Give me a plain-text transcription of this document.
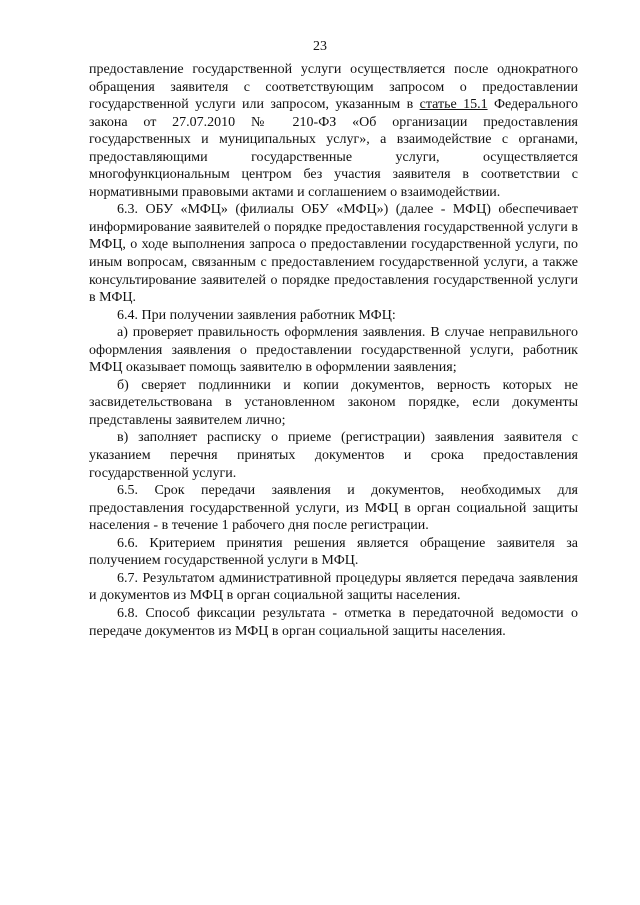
23

предоставление государственной услуги осуществляется после однократного обращения заявителя с соответствующим запросом о предоставлении государственной услуги или запросом, указанным в статье 15.1 Федерального закона от 27.07.2010 № 210-ФЗ «Об организации предоставления государственных и муниципальных услуг», а взаимодействие с органами, предоставляющими государственные услуги, осуществляется многофункциональным центром без участия заявителя в соответствии с нормативными правовыми актами и соглашением о взаимодействии.

6.3. ОБУ «МФЦ» (филиалы ОБУ «МФЦ») (далее - МФЦ) обеспечивает информирование заявителей о порядке предоставления государственной услуги в МФЦ, о ходе выполнения запроса о предоставлении государственной услуги, по иным вопросам, связанным с предоставлением государственной услуги, а также консультирование заявителей о порядке предоставления государственной услуги в МФЦ.

6.4. При получении заявления работник МФЦ:

а) проверяет правильность оформления заявления. В случае неправильного оформления заявления о предоставлении государственной услуги, работник МФЦ оказывает помощь заявителю в оформлении заявления;

б) сверяет подлинники и копии документов, верность которых не засвидетельствована в установленном законом порядке, если документы представлены заявителем лично;

в) заполняет расписку о приеме (регистрации) заявления заявителя с указанием перечня принятых документов и срока предоставления государственной услуги.

6.5. Срок передачи заявления и документов, необходимых для предоставления государственной услуги, из МФЦ в орган социальной защиты населения - в течение 1 рабочего дня после регистрации.

6.6. Критерием принятия решения является обращение заявителя за получением государственной услуги в МФЦ.

6.7. Результатом административной процедуры является передача заявления и документов из МФЦ в орган социальной защиты населения.

6.8. Способ фиксации результата - отметка в передаточной ведомости о передаче документов из МФЦ в орган социальной защиты населения.
